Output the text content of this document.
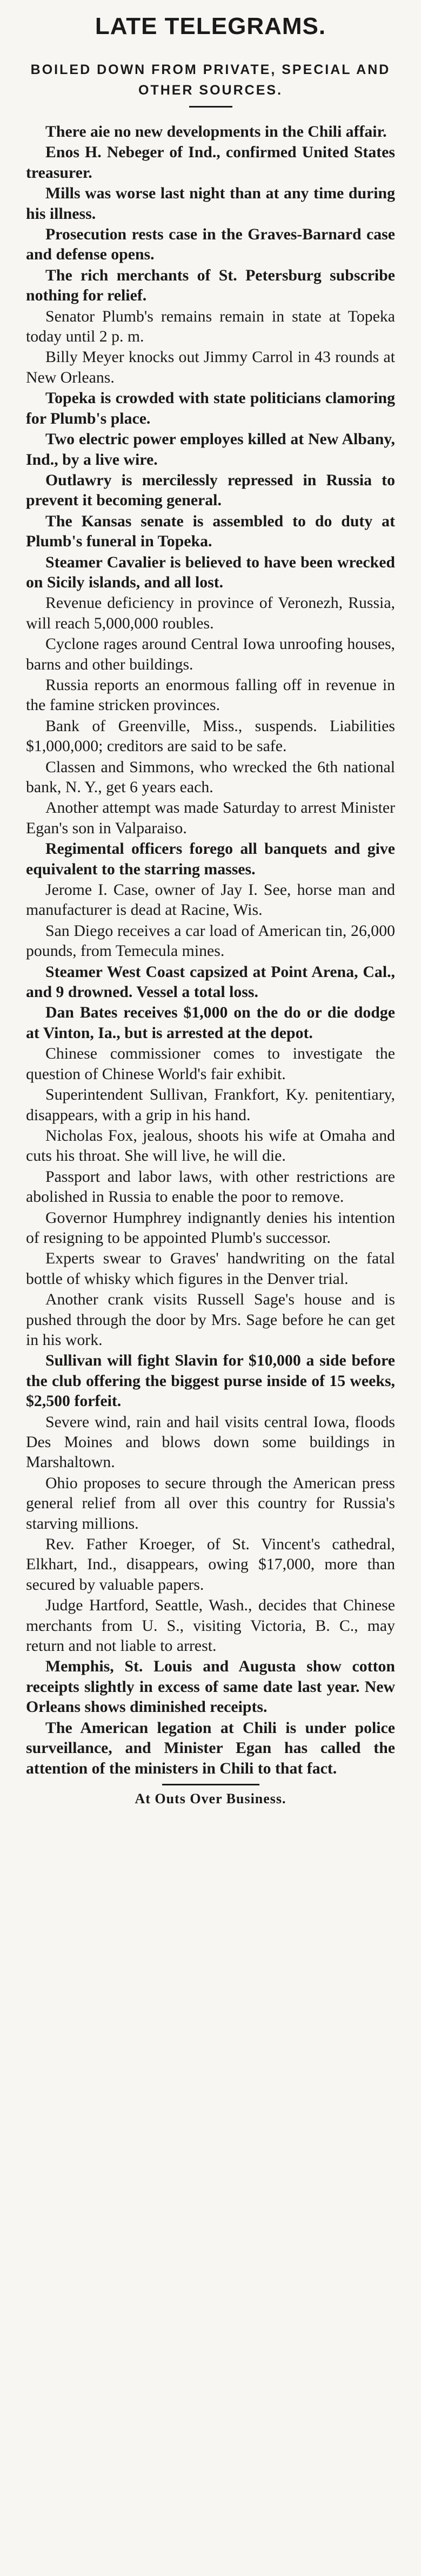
LATE TELEGRAMS.
BOILED DOWN FROM PRIVATE, SPECIAL AND OTHER SOURCES.

There aie no new developments in the Chili affair.

Enos H. Nebeger of Ind., confirmed United States treasurer.

Mills was worse last night than at any time during his illness.

Prosecution rests case in the Graves-Barnard case and defense opens.

The rich merchants of St. Petersburg subscribe nothing for relief.

Senator Plumb's remains remain in state at Topeka today until 2 p. m.

Billy Meyer knocks out Jimmy Carrol in 43 rounds at New Orleans.

Topeka is crowded with state politicians clamoring for Plumb's place.

Two electric power employes killed at New Albany, Ind., by a live wire.

Outlawry is mercilessly repressed in Russia to prevent it becoming general.

The Kansas senate is assembled to do duty at Plumb's funeral in Topeka.

Steamer Cavalier is believed to have been wrecked on Sicily islands, and all lost.

Revenue deficiency in province of Veronezh, Russia, will reach 5,000,000 roubles.

Cyclone rages around Central Iowa unroofing houses, barns and other buildings.

Russia reports an enormous falling off in revenue in the famine stricken provinces.

Bank of Greenville, Miss., suspends. Liabilities $1,000,000; creditors are said to be safe.

Classen and Simmons, who wrecked the 6th national bank, N. Y., get 6 years each.

Another attempt was made Saturday to arrest Minister Egan's son in Valparaiso.

Regimental officers forego all banquets and give equivalent to the starring masses.

Jerome I. Case, owner of Jay I. See, horse man and manufacturer is dead at Racine, Wis.

San Diego receives a car load of American tin, 26,000 pounds, from Temecula mines.

Steamer West Coast capsized at Point Arena, Cal., and 9 drowned. Vessel a total loss.

Dan Bates receives $1,000 on the do or die dodge at Vinton, Ia., but is arrested at the depot.

Chinese commissioner comes to investigate the question of Chinese World's fair exhibit.

Superintendent Sullivan, Frankfort, Ky. penitentiary, disappears, with a grip in his hand.

Nicholas Fox, jealous, shoots his wife at Omaha and cuts his throat. She will live, he will die.

Passport and labor laws, with other restrictions are abolished in Russia to enable the poor to remove.

Governor Humphrey indignantly denies his intention of resigning to be appointed Plumb's successor.

Experts swear to Graves' handwriting on the fatal bottle of whisky which figures in the Denver trial.

Another crank visits Russell Sage's house and is pushed through the door by Mrs. Sage before he can get in his work.

Sullivan will fight Slavin for $10,000 a side before the club offering the biggest purse inside of 15 weeks, $2,500 forfeit.

Severe wind, rain and hail visits central Iowa, floods Des Moines and blows down some buildings in Marshaltown.

Ohio proposes to secure through the American press general relief from all over this country for Russia's starving millions.

Rev. Father Kroeger, of St. Vincent's cathedral, Elkhart, Ind., disappears, owing $17,000, more than secured by valuable papers.

Judge Hartford, Seattle, Wash., decides that Chinese merchants from U. S., visiting Victoria, B. C., may return and not liable to arrest.

Memphis, St. Louis and Augusta show cotton receipts slightly in excess of same date last year. New Orleans shows diminished receipts.

The American legation at Chili is under police surveillance, and Minister Egan has called the attention of the ministers in Chili to that fact.

At Outs Over Business.
